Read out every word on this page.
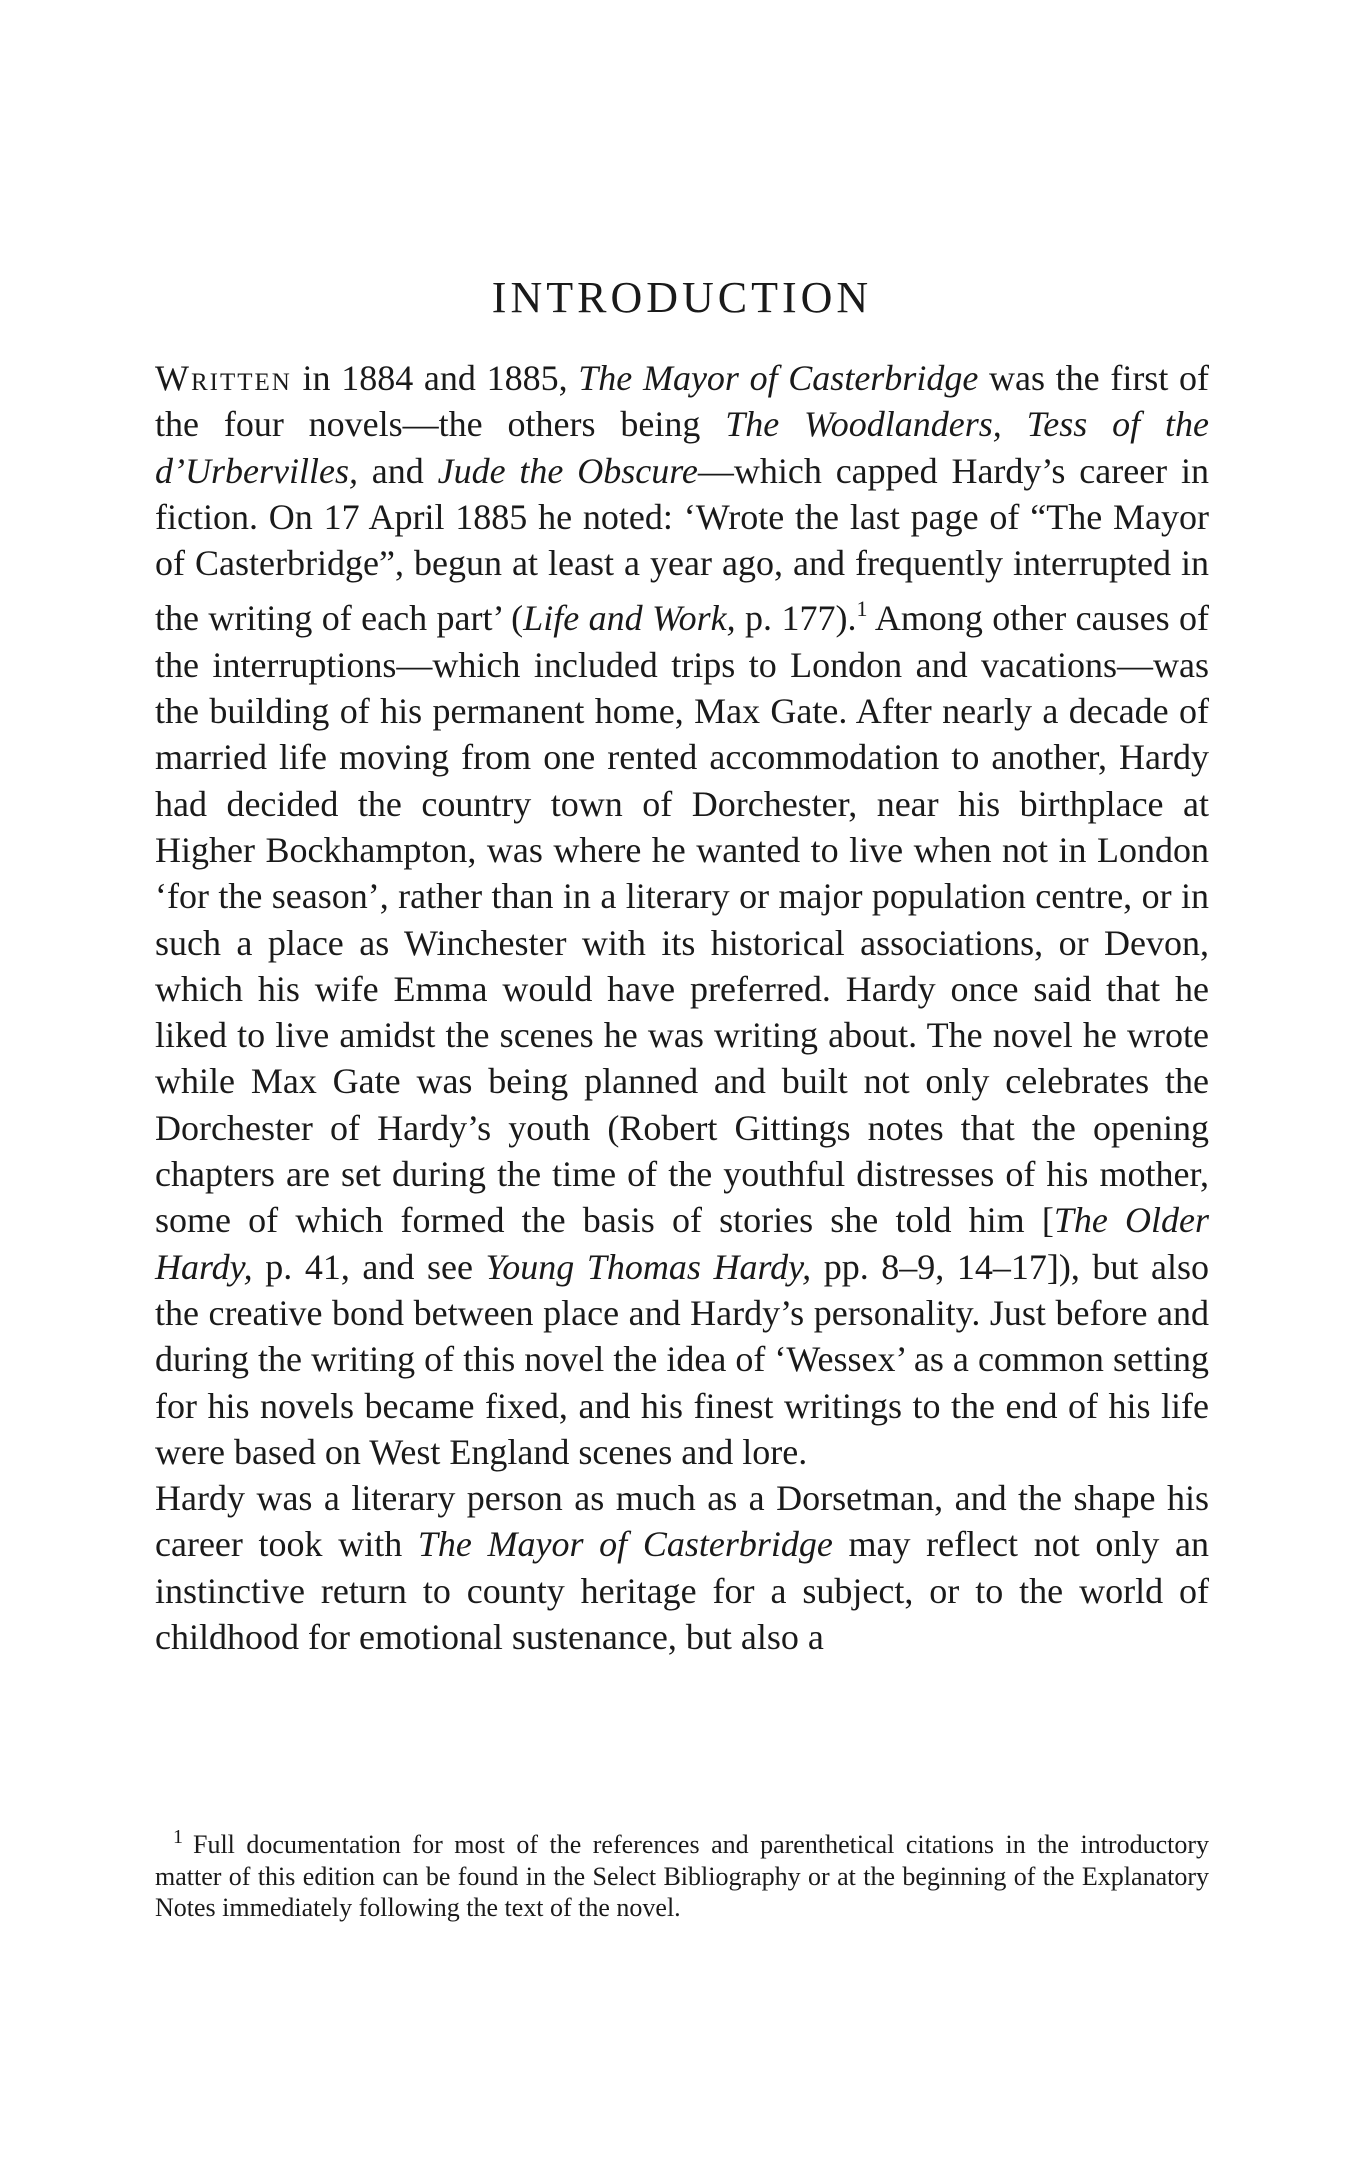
INTRODUCTION

Written in 1884 and 1885, The Mayor of Casterbridge was the first of the four novels—the others being The Woodlanders, Tess of the d’Urbervilles, and Jude the Obscure—which capped Hardy’s career in fiction. On 17 April 1885 he noted: ‘Wrote the last page of “The Mayor of Casterbridge”, begun at least a year ago, and frequently interrupted in the writing of each part’ (Life and Work, p. 177).$^1$ Among other causes of the interruptions—which included trips to London and vacations—was the building of his permanent home, Max Gate. After nearly a decade of married life moving from one rented accommodation to another, Hardy had decided the country town of Dorchester, near his birthplace at Higher Bockhampton, was where he wanted to live when not in London ‘for the season’, rather than in a literary or major population centre, or in such a place as Winchester with its historical associations, or Devon, which his wife Emma would have preferred. Hardy once said that he liked to live amidst the scenes he was writing about. The novel he wrote while Max Gate was being planned and built not only celebrates the Dorchester of Hardy’s youth (Robert Gittings notes that the opening chapters are set during the time of the youthful distresses of his mother, some of which formed the basis of stories she told him [The Older Hardy, p. 41, and see Young Thomas Hardy, pp. 8–9, 14–17]), but also the creative bond between place and Hardy’s personality. Just before and during the writing of this novel the idea of ‘Wessex’ as a common setting for his novels became fixed, and his finest writings to the end of his life were based on West England scenes and lore.

Hardy was a literary person as much as a Dorsetman, and the shape his career took with The Mayor of Casterbridge may reflect not only an instinctive return to county heritage for a subject, or to the world of childhood for emotional sustenance, but also a

$^1$ Full documentation for most of the references and parenthetical citations in the introductory matter of this edition can be found in the Select Bibliography or at the beginning of the Explanatory Notes immediately following the text of the novel.
